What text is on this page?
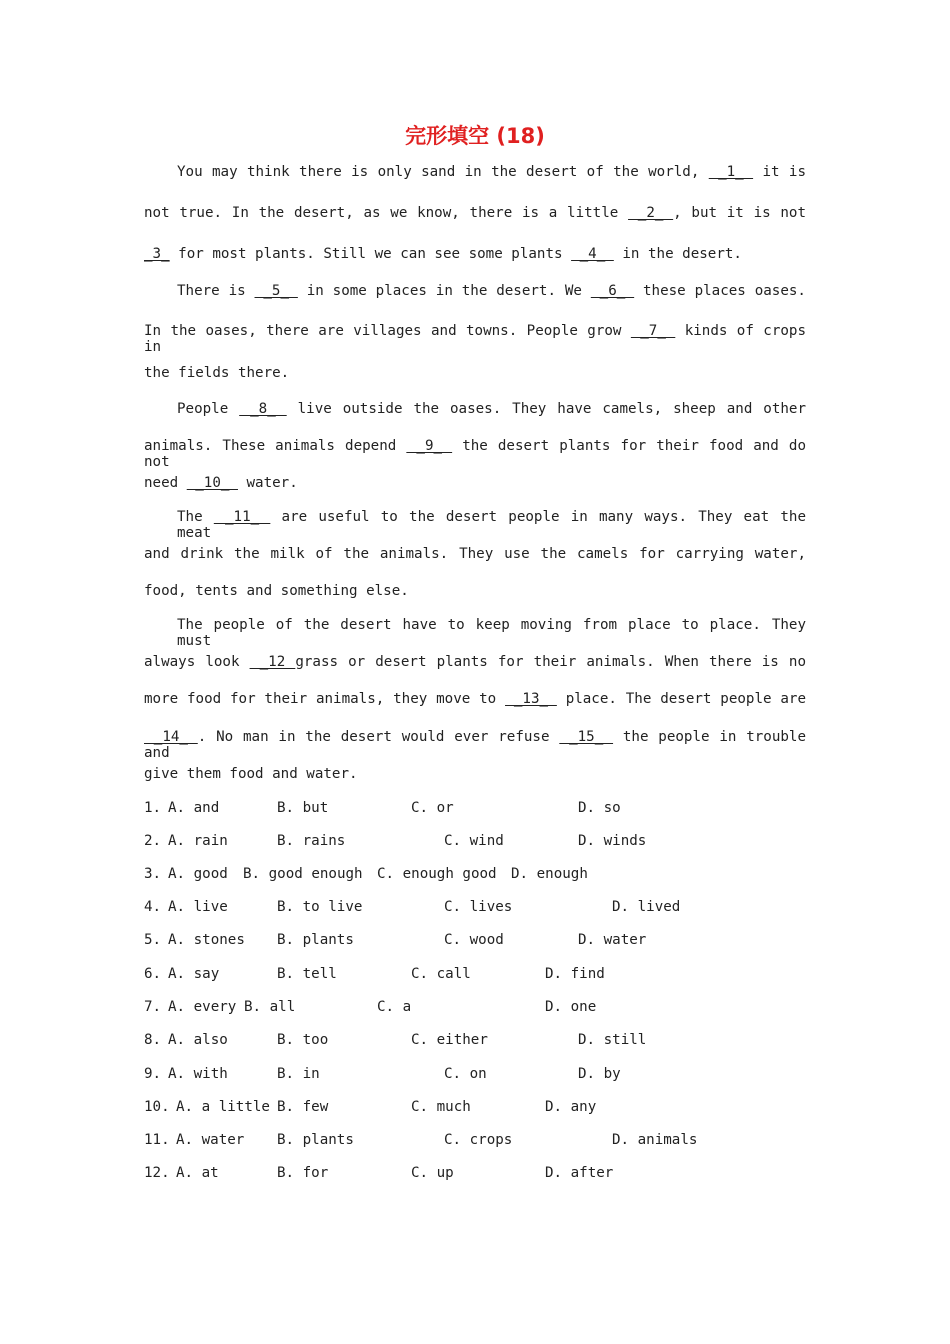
完形填空 (18)
You may think there is only sand in the desert of the world,  _1_  it is
not true. In the desert, as we know, there is a little  _2_ , but it is not
_3_ for most plants. Still we can see some plants  _4_  in the desert.
There is  _5_  in some places in the desert. We  _6_  these places oases.
In the oases, there are villages and towns. People grow  _7_  kinds of crops in
the fields there.
People  _8_  live outside the oases. They have camels, sheep and other
animals. These animals depend  _9_  the desert plants for their food and do not
need  _10_  water.
The  _11_  are useful to the desert people in many ways. They eat the meat
and drink the milk of the animals. They use the camels for carrying water,
food, tents and something else.
The people of the desert have to keep moving from place to place. They must
always look  _12 grass or desert plants for their animals. When there is no
more food for their animals, they move to  _13_  place. The desert people are
_14_ . No man in the desert would ever refuse  _15_  the people in trouble and
give them food and water.
1. A. and	B. but	C. or	D. so
2. A. rain	B. rains	C. wind	D. winds
3. A. good B. good enough C. enough good D. enough
4. A. live	B. to live	C. lives	D. lived
5. A. stones B. plants	C. wood	D. water
6. A. say	B. tell	C. call	D. find
7. A. every B. all	C. a	D. one
8. A. also	B. too	C. either	D. still
9. A. with	B. in	C. on	D. by
10. A. a little B. few	C. much	D. any
11. A. water B. plants	C. crops	D. animals
12. A. at	B. for	C. up	D. after
